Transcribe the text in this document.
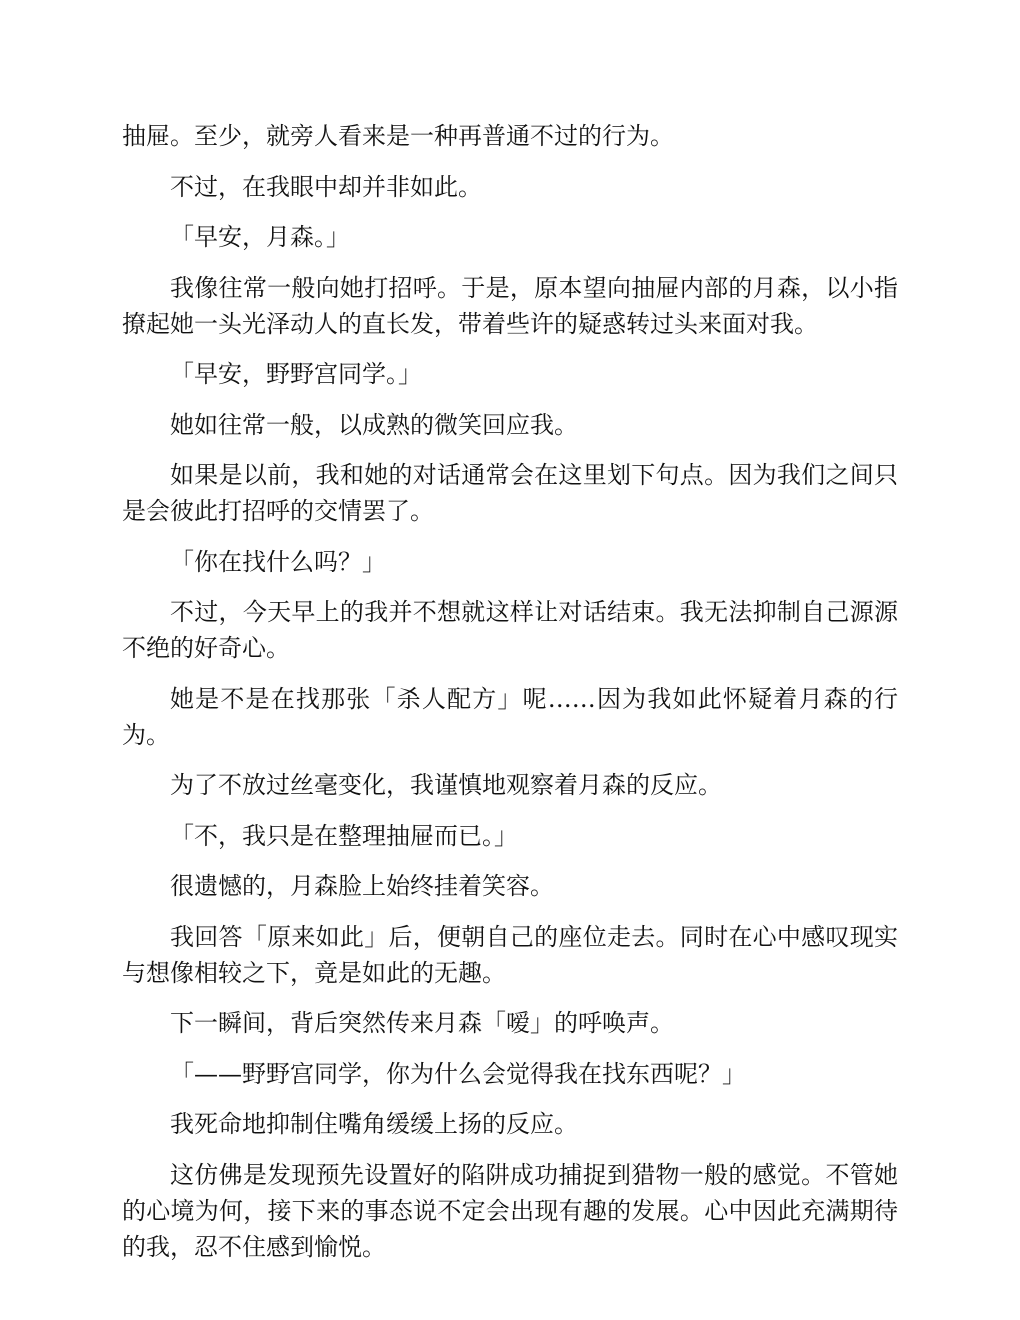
抽屉。至少，就旁人看来是一种再普通不过的行为。

不过，在我眼中却并非如此。

「早安，月森。」

我像往常一般向她打招呼。于是，原本望向抽屉内部的月森，以小指撩起她一头光泽动人的直长发，带着些许的疑惑转过头来面对我。

「早安，野野宫同学。」

她如往常一般，以成熟的微笑回应我。

如果是以前，我和她的对话通常会在这里划下句点。因为我们之间只是会彼此打招呼的交情罢了。

「你在找什么吗？」

不过，今天早上的我并不想就这样让对话结束。我无法抑制自己源源不绝的好奇心。

她是不是在找那张「杀人配方」呢……因为我如此怀疑着月森的行为。

为了不放过丝毫变化，我谨慎地观察着月森的反应。

「不，我只是在整理抽屉而已。」

很遗憾的，月森脸上始终挂着笑容。

我回答「原来如此」后，便朝自己的座位走去。同时在心中感叹现实与想像相较之下，竟是如此的无趣。

下一瞬间，背后突然传来月森「嗳」的呼唤声。

「——野野宫同学，你为什么会觉得我在找东西呢？」

我死命地抑制住嘴角缓缓上扬的反应。

这仿佛是发现预先设置好的陷阱成功捕捉到猎物一般的感觉。不管她的心境为何，接下来的事态说不定会出现有趣的发展。心中因此充满期待的我，忍不住感到愉悦。
